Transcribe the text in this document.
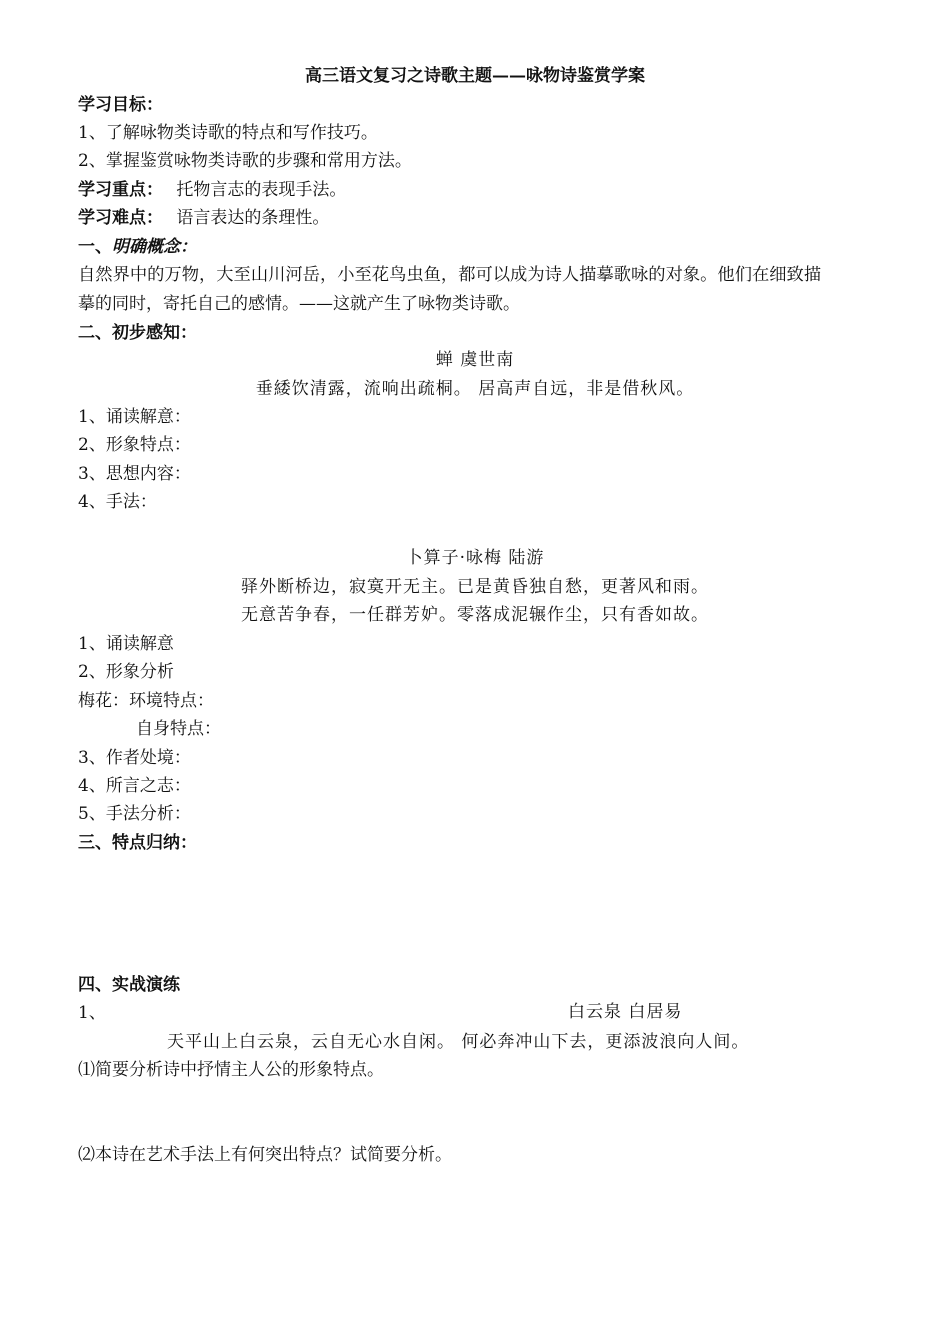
高三语文复习之诗歌主题——咏物诗鉴赏学案
学习目标：
1、了解咏物类诗歌的特点和写作技巧。
2、掌握鉴赏咏物类诗歌的步骤和常用方法。
学习重点： 托物言志的表现手法。
学习难点： 语言表达的条理性。
一、明确概念：
自然界中的万物，大至山川河岳，小至花鸟虫鱼，都可以成为诗人描摹歌咏的对象。他们在细致描
摹的同时，寄托自己的感情。——这就产生了咏物类诗歌。
二、初步感知：
蝉 虞世南
垂緌饮清露，流响出疏桐。 居高声自远，非是借秋风。
1、诵读解意：
2、形象特点：
3、思想内容：
4、手法：
卜算子·咏梅 陆游
驿外断桥边，寂寞开无主。已是黄昏独自愁，更著风和雨。
无意苦争春，一任群芳妒。零落成泥辗作尘，只有香如故。
1、诵读解意
2、形象分析
梅花：环境特点：
自身特点：
3、作者处境：
4、所言之志：
5、手法分析：
三、特点归纳：
四、实战演练
1、	白云泉 白居易
天平山上白云泉，云自无心水自闲。 何必奔冲山下去，更添波浪向人间。
⑴简要分析诗中抒情主人公的形象特点。
⑵本诗在艺术手法上有何突出特点？试简要分析。
